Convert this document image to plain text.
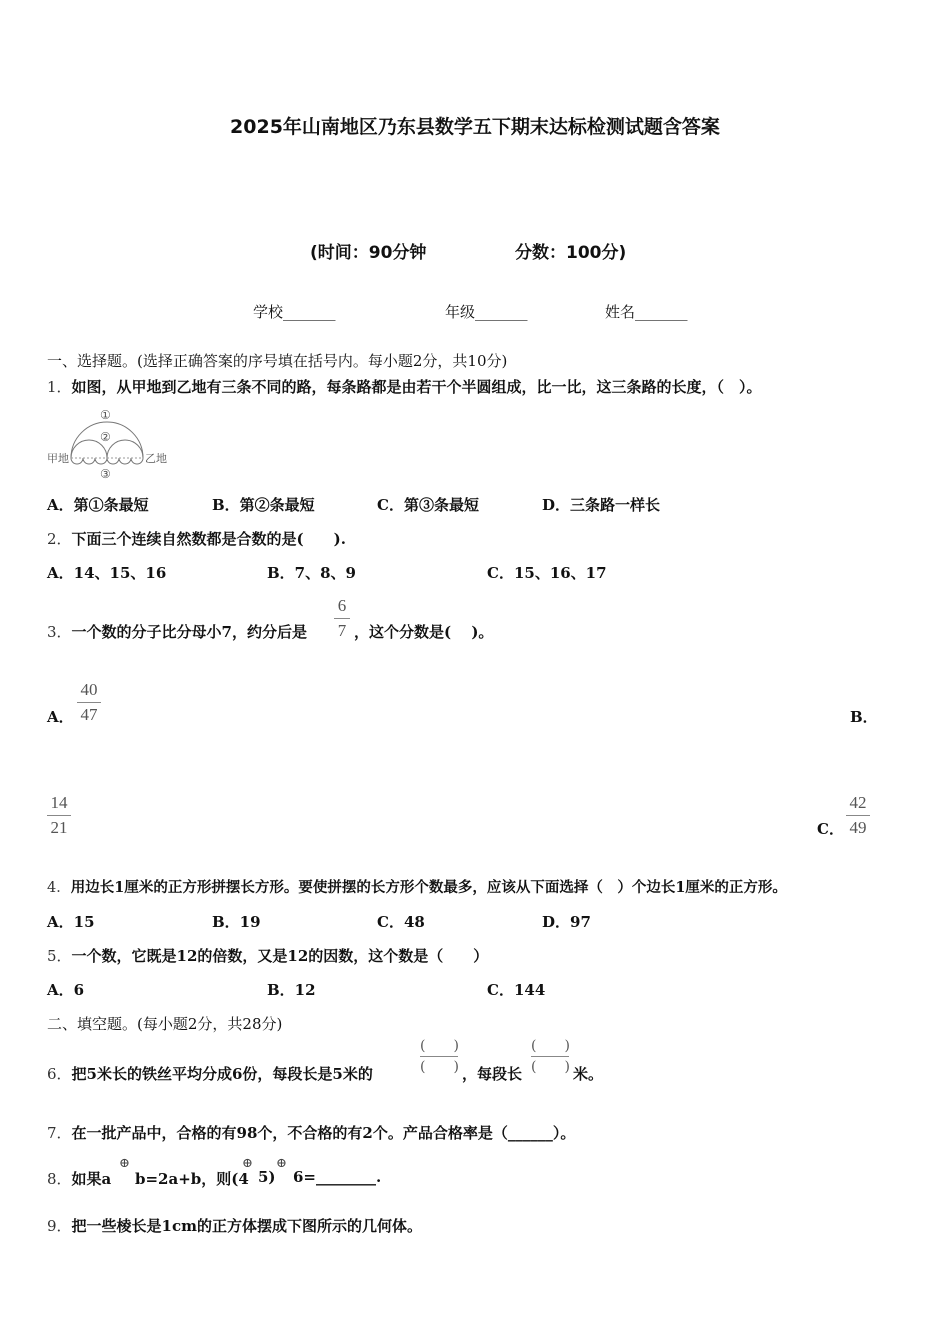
2025年山南地区乃东县数学五下期末达标检测试题含答案
(时间：90分钟	分数：100分)
学校_______	年级_______	姓名_______
一、选择题。(选择正确答案的序号填在括号内。每小题2分，共10分)
1．如图，从甲地到乙地有三条不同的路，每条路都是由若干个半圆组成，比一比，这三条路的长度，（　）。
①
②
③
甲地	乙地
A．第①条最短	B．第②条最短	C．第③条最短	D．三条路一样长
2．下面三个连续自然数都是合数的是(　　).
A．14、15、16	B．7、8、9	C．15、16、17
3．一个数的分子比分母小7，约分后是
6
7 ，这个分数是(　 )。
A．
40
47	B．
14
21	C．
42
49
4．用边长1厘米的正方形拼摆长方形。要使拼摆的长方形个数最多，应该从下面选择（　）个边长1厘米的正方形。
A．15	B．19	C．48	D．97
5．一个数，它既是12的倍数，又是12的因数，这个数是（　　）
A．6	B．12	C．144
二、填空题。(每小题2分，共28分)
6．把5米长的铁丝平均分成6份，每段长是5米的
(　　)
(　　) ，每段长
(　　)
(　　) 米。
7．在一批产品中，合格的有98个，不合格的有2个。产品合格率是（______）。
8．如果a
⊕
b=2a+b，则(4
⊕
5)
⊕
6=________.
9．把一些棱长是1cm的正方体摆成下图所示的几何体。
